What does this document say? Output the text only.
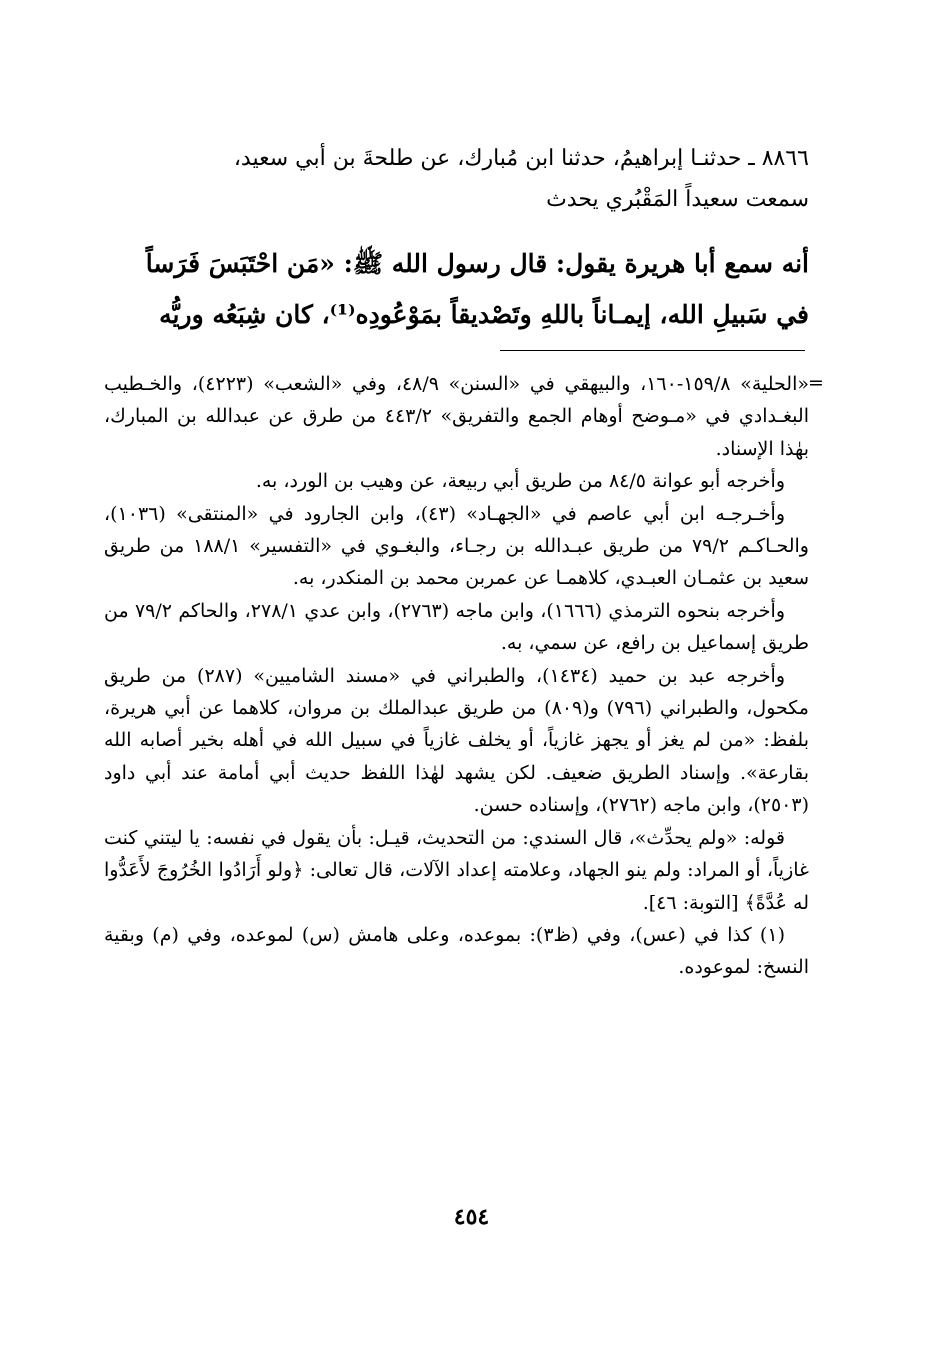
٨٨٦٦ ـ حدثنـا إبراهيمُ، حدثنا ابن مُبارك، عن طلحةَ بن أبي سعيد،
سمعت سعيداً المَقْبُري يحدث
أنه سمع أبا هريرة يقول: قال رسول الله ﷺ: «مَن احْتَبَسَ فَرَساً
في سَبيلِ الله، إيمـاناً باللهِ وتَصْديقاً بمَوْعُودِه⁽¹⁾، كان شِبَعُه وريُّه
=

«الحلية» ١٥٩/٨-١٦٠، والبيهقي في «السنن» ٤٨/٩، وفي «الشعب» (٤٢٢٣)، والخـطيب البغـدادي في «مـوضح أوهام الجمع والتفريق» ٤٤٣/٢ من طرق عن عبدالله بن المبارك، بهٰذا الإسناد.

وأخرجه أبو عوانة ٨٤/٥ من طريق أبي ربيعة، عن وهيب بن الورد، به.

وأخـرجـه ابن أبي عاصم في «الجهـاد» (٤٣)، وابن الجارود في «المنتقى» (١٠٣٦)، والحـاكـم ٧٩/٢ من طريق عبـدالله بن رجـاء، والبغـوي في «التفسير» ١٨٨/١ من طريق سعيد بن عثمـان العبـدي، كلاهمـا عن عمربن محمد بن المنكدر، به.

وأخرجه بنحوه الترمذي (١٦٦٦)، وابن ماجه (٢٧٦٣)، وابن عدي ٢٧٨/١، والحاكم ٧٩/٢ من طريق إسماعيل بن رافع، عن سمي، به.

وأخرجه عبد بن حميد (١٤٣٤)، والطبراني في «مسند الشاميين» (٢٨٧) من طريق مكحول، والطبراني (٧٩٦) و(٨٠٩) من طريق عبدالملك بن مروان، كلاهما عن أبي هريرة، بلفظ: «من لم يغز أو يجهز غازياً، أو يخلف غازياً في سبيل الله في أهله بخير أصابه الله بقارعة». وإسناد الطريق ضعيف. لكن يشهد لهٰذا اللفظ حديث أبي أمامة عند أبي داود (٢٥٠٣)، وابن ماجه (٢٧٦٢)، وإسناده حسن.

قوله: «ولم يحدِّث»، قال السندي: من التحديث، قيـل: بأن يقول في نفسه: يا ليتني كنت غازياً، أو المراد: ولم ينو الجهاد، وعلامته إعداد الآلات، قال تعالى: ﴿ولو أَرَادُوا الخُرُوجَ لأَعَدُّوا له عُدَّةً﴾ [التوبة: ٤٦].

(١) كذا في (عس)، وفي (ظ٣): بموعده، وعلى هامش (س) لموعده، وفي (م) وبقية النسخ: لموعوده.

٤٥٤
